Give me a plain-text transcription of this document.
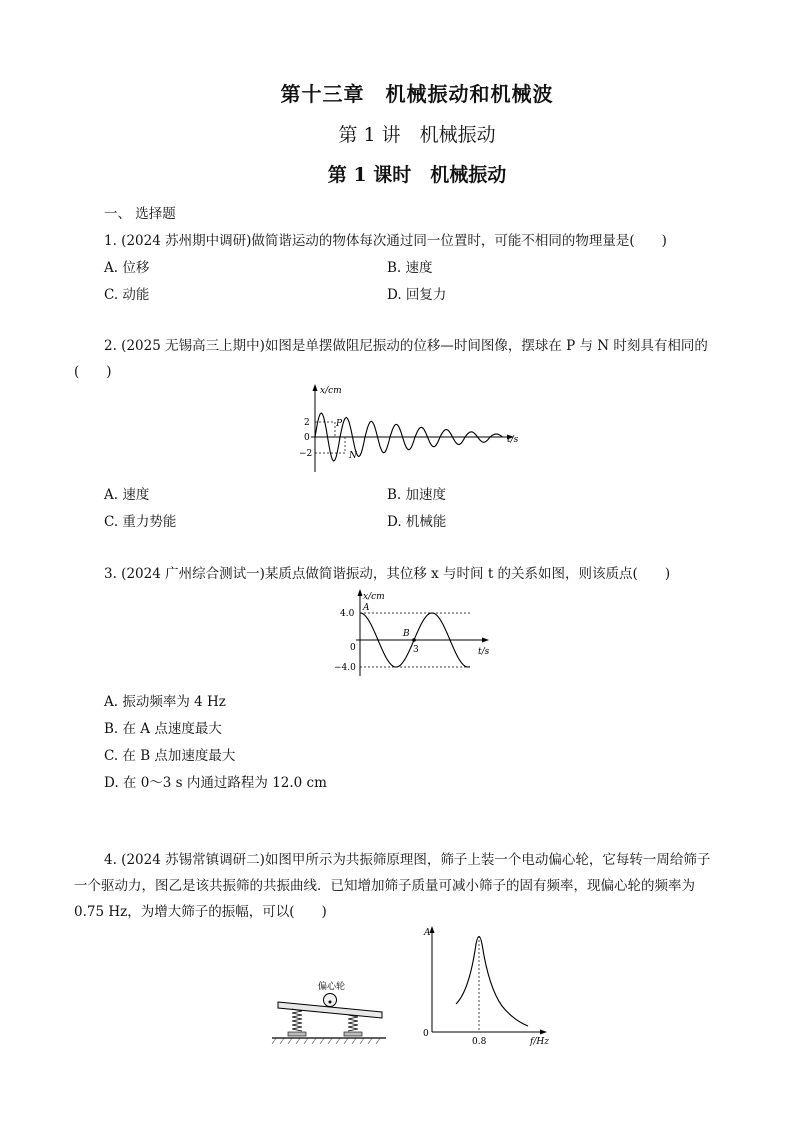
第十三章　机械振动和机械波
第 1 讲　机械振动
第 1 课时　机械振动
一、 选择题
1. (2024 苏州期中调研)做简谐运动的物体每次通过同一位置时，可能不相同的物理量是(　　)
A. 位移	B. 速度
C. 动能	D. 回复力
2. (2025 无锡高三上期中)如图是单摆做阻尼振动的位移—时间图像，摆球在 P 与 N 时刻具有相同的
(　　)
x/cm
t/s
2
0
−2
P
N
A. 速度	B. 加速度
C. 重力势能	D. 机械能
3. (2024 广州综合测试一)某质点做简谐振动，其位移 x 与时间 t 的关系如图，则该质点(　　)
x/cm
t/s
4.0
0
−4.0
A
B
3
A. 振动频率为 4 Hz
B. 在 A 点速度最大
C. 在 B 点加速度最大
D. 在 0～3 s 内通过路程为 12.0 cm
4. (2024 苏锡常镇调研二)如图甲所示为共振筛原理图，筛子上装一个电动偏心轮，它每转一周给筛子
一个驱动力，图乙是该共振筛的共振曲线．已知增加筛子质量可减小筛子的固有频率，现偏心轮的频率为
0.75 Hz，为增大筛子的振幅，可以(　　)
偏心轮
A
0
0.8	f/Hz
